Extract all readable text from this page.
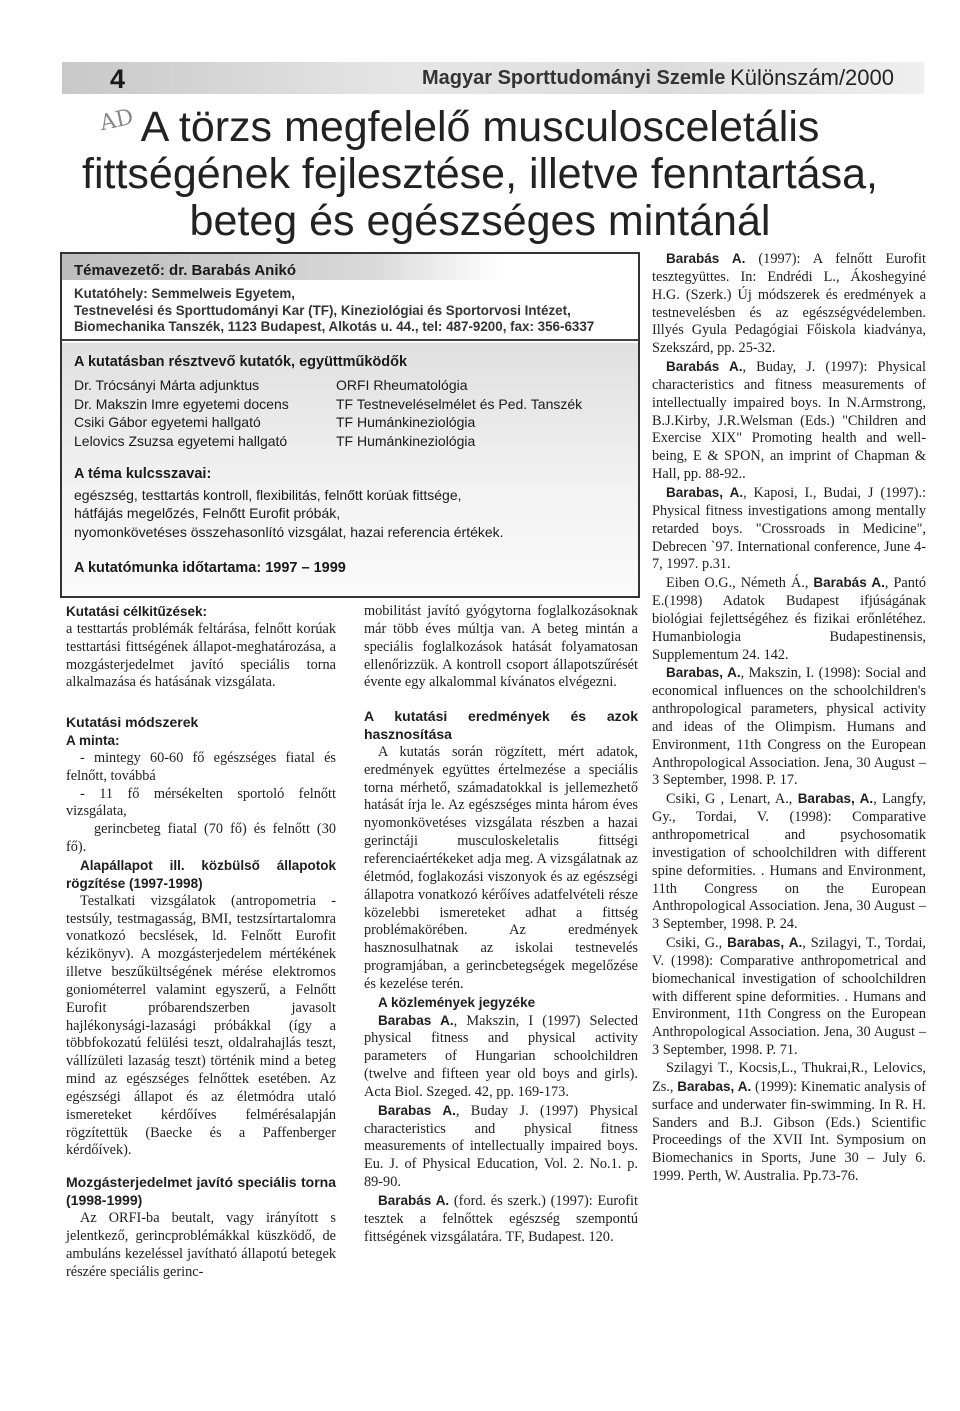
4	Magyar Sporttudományi Szemle Különszám/2000
AD A törzs megfelelő musculosceletális
fittségének fejlesztése, illetve fenntartása,
beteg és egészséges mintánál
Témavezető: dr. Barabás Anikó
Kutatóhely: Semmelweis Egyetem,
Testnevelési és Sporttudományi Kar (TF), Kineziológiai és Sportorvosi Intézet,
Biomechanika Tanszék, 1123 Budapest, Alkotás u. 44., tel: 487-9200, fax: 356-6337
A kutatásban résztvevő kutatók, együttműködők
Dr. Trócsányi Márta adjunktus	ORFI Rheumatológia
Dr. Makszin Imre egyetemi docens	TF Testneveléselmélet és Ped. Tanszék
Csiki Gábor egyetemi hallgató	TF Humánkineziológia
Lelovics Zsuzsa egyetemi hallgató	TF Humánkineziológia
A téma kulcsszavai:
egészség, testtartás kontroll, flexibilitás, felnőtt korúak fittsége,
hátfájás megelőzés, Felnőtt Eurofit próbák,
nyomonkövetéses összehasonlító vizsgálat, hazai referencia értékek.
A kutatómunka időtartama: 1997 – 1999

Kutatási célkitűzések:

a testtartás problémák feltárása, felnőtt korúak testtartási fittségének állapot-meghatározása, a mozgásterjedelmet javító speciális torna alkalmazása és hatásának vizsgálata.

Kutatási módszerek

A minta:

- mintegy 60-60 fő egészséges fiatal és felnőtt, továbbá

- 11 fő mérsékelten sportoló felnőtt vizsgálata,

gerincbeteg fiatal (70 fő) és felnőtt (30 fő).

Alapállapot ill. közbülső állapotok rögzítése (1997-1998)

Testalkati vizsgálatok (antropometria - testsúly, testmagasság, BMI, testzsírtartalomra vonatkozó becslések, ld. Felnőtt Eurofit kézikönyv). A mozgásterjedelem mértékének illetve beszűkültségének mérése elektromos goniométerrel valamint egyszerű, a Felnőtt Eurofit próbarendszerben javasolt hajlékonysági-lazasági próbákkal (így a többfokozatú felülési teszt, oldalrahajlás teszt, vállízületi lazaság teszt) történik mind a beteg mind az egészséges felnőttek esetében. Az egészségi állapot és az életmódra utaló ismereteket kérdőíves felmérésalapján rögzítettük (Baecke és a Paffenberger kérdőívek).

Mozgásterjedelmet javító speciális torna (1998-1999)

Az ORFI-ba beutalt, vagy irányított s jelentkező, gerincproblémákkal küszködő, de ambuláns kezeléssel javítható állapotú betegek részére speciális gerinc-

mobilitást javító gyógytorna foglalkozásoknak már több éves múltja van. A beteg mintán a speciális foglalkozások hatását folyamatosan ellenőrizzük. A kontroll csoport állapotszűrését évente egy alkalommal kívánatos elvégezni.

A kutatási eredmények és azok hasznosítása

A kutatás során rögzített, mért adatok, eredmények együttes értelmezése a speciális torna mérhető, számadatokkal is jellemezhető hatását írja le. Az egészséges minta három éves nyomonkövetéses vizsgálata részben a hazai gerinctáji musculoskeletalis fittségi referenciaértékeket adja meg. A vizsgálatnak az életmód, foglakozási viszonyok és az egészségi állapotra vonatkozó kérőíves adatfelvételi része közelebbi ismereteket adhat a fittség problémakörében. Az eredmények hasznosulhatnak az iskolai testnevelés programjában, a gerincbetegségek megelőzése és kezelése terén.

A közlemények jegyzéke

Barabas A., Makszin, I (1997) Selected physical fitness and physical activity parameters of Hungarian schoolchildren (twelve and fifteen year old boys and girls). Acta Biol. Szeged. 42, pp. 169-173.

Barabas A., Buday J. (1997) Physical characteristics and physical fitness measurements of intellectually impaired boys. Eu. J. of Physical Education, Vol. 2. No.1. p. 89-90.

Barabás A. (ford. és szerk.) (1997): Eurofit tesztek a felnőttek egészség szempontú fittségének vizsgálatára. TF, Budapest. 120.

Barabás A. (1997): A felnőtt Eurofit tesztegyüttes. In: Endrédi L., Ákoshegyiné H.G. (Szerk.) Új módszerek és eredmények a testnevelésben és az egészségvédelemben. Illyés Gyula Pedagógiai Főiskola kiadványa, Szekszárd, pp. 25-32.

Barabás A., Buday, J. (1997): Physical characteristics and fitness measurements of intellectually impaired boys. In N.Armstrong, B.J.Kirby, J.R.Welsman (Eds.) "Children and Exercise XIX" Promoting health and well-being, E & SPON, an imprint of Chapman & Hall, pp. 88-92..

Barabas, A., Kaposi, I., Budai, J (1997).: Physical fitness investigations among mentally retarded boys. "Crossroads in Medicine", Debrecen `97. International conference, June 4-7, 1997. p.31.

Eiben O.G., Németh Á., Barabás A., Pantó E.(1998) Adatok Budapest ifjúságának biológiai fejlettségéhez és fizikai erőnlétéhez. Humanbiologia Budapestinensis, Supplementum 24. 142.

Barabas, A., Makszin, I. (1998): Social and economical influences on the schoolchildren's anthropological parameters, physical activity and ideas of the Olimpism. Humans and Environment, 11th Congress on the European Anthropological Association. Jena, 30 August – 3 September, 1998. P. 17.

Csiki, G , Lenart, A., Barabas, A., Langfy, Gy., Tordai, V. (1998): Comparative anthropometrical and psychosomatik investigation of schoolchildren with different spine deformities. . Humans and Environment, 11th Congress on the European Anthropological Association. Jena, 30 August – 3 September, 1998. P. 24.

Csiki, G., Barabas, A., Szilagyi, T., Tordai, V. (1998): Comparative anthropometrical and biomechanical investigation of schoolchildren with different spine deformities. . Humans and Environment, 11th Congress on the European Anthropological Association. Jena, 30 August – 3 September, 1998. P. 71.

Szilagyi T., Kocsis,L., Thukrai,R., Lelovics, Zs., Barabas, A. (1999): Kinematic analysis of surface and underwater fin-swimming. In R. H. Sanders and B.J. Gibson (Eds.) Scientific Proceedings of the XVII Int. Symposium on Biomechanics in Sports, June 30 – July 6. 1999. Perth, W. Australia. Pp.73-76.
